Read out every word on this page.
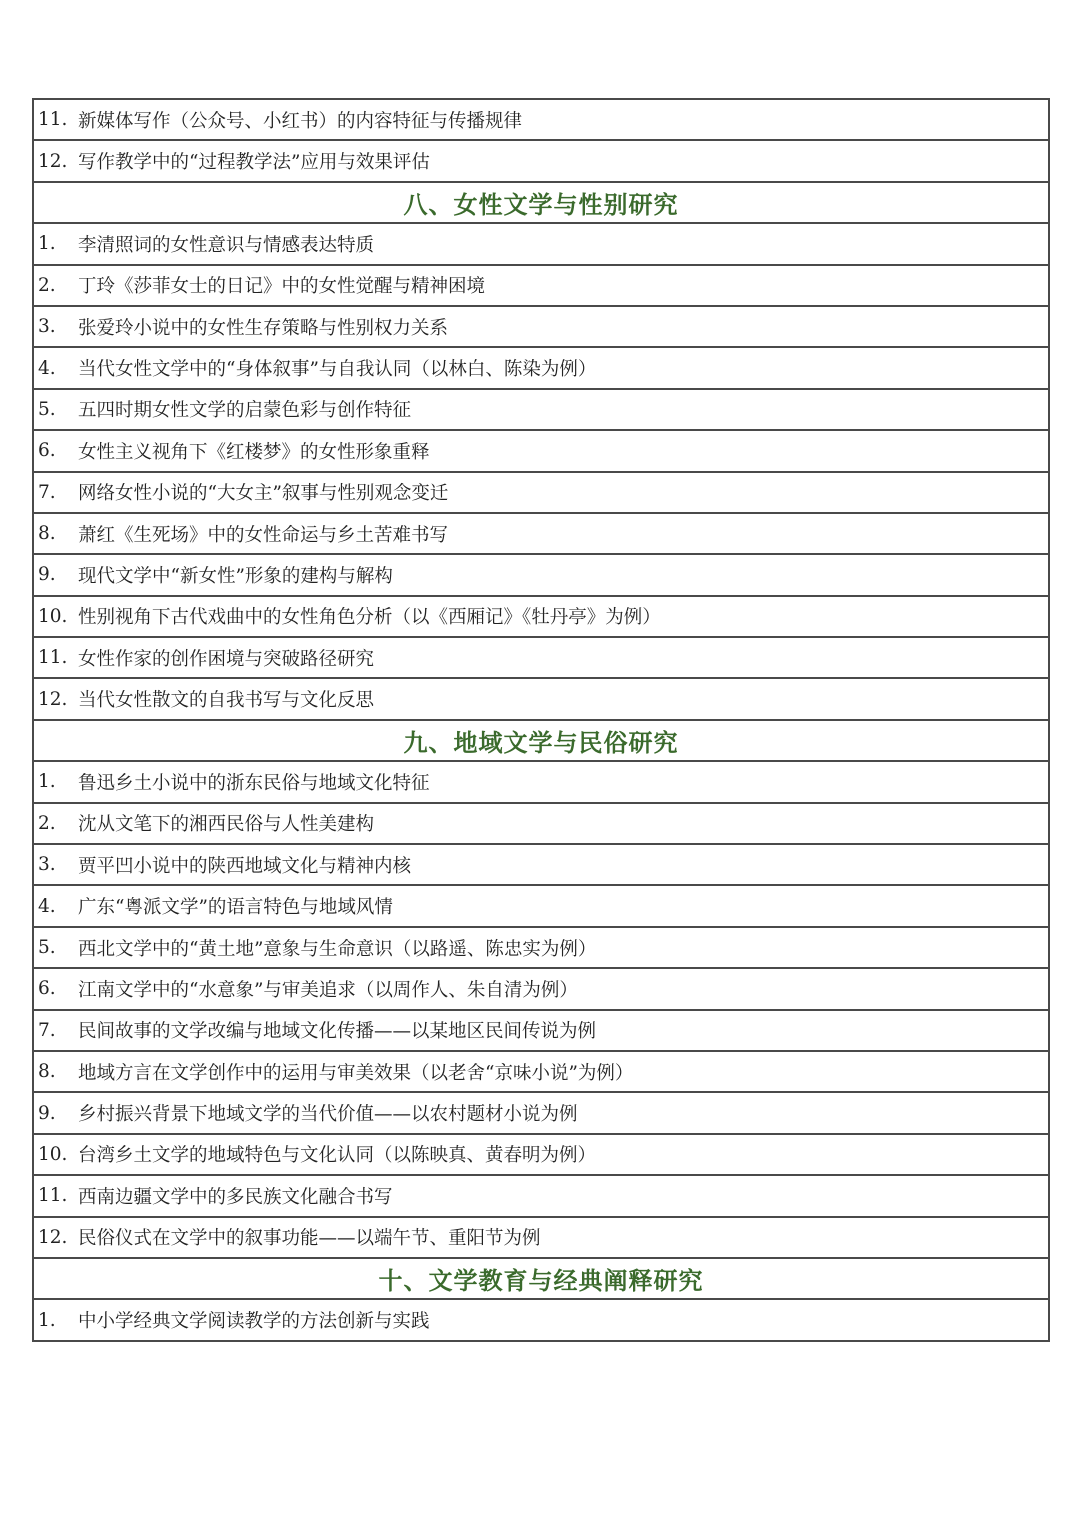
11. 新媒体写作（公众号、小红书）的内容特征与传播规律

12. 写作教学中的“过程教学法”应用与效果评估

八、女性文学与性别研究

1.	李清照词的女性意识与情感表达特质

2.	丁玲《莎菲女士的日记》中的女性觉醒与精神困境

3.	张爱玲小说中的女性生存策略与性别权力关系

4.	当代女性文学中的“身体叙事”与自我认同（以林白、陈染为例）

5.	五四时期女性文学的启蒙色彩与创作特征

6.	女性主义视角下《红楼梦》的女性形象重释

7.	网络女性小说的“大女主”叙事与性别观念变迁

8.	萧红《生死场》中的女性命运与乡土苦难书写

9.	现代文学中“新女性”形象的建构与解构

10. 性别视角下古代戏曲中的女性角色分析（以《西厢记》《牡丹亭》为例）

11. 女性作家的创作困境与突破路径研究

12. 当代女性散文的自我书写与文化反思

九、地域文学与民俗研究

1.	鲁迅乡土小说中的浙东民俗与地域文化特征

2.	沈从文笔下的湘西民俗与人性美建构

3.	贾平凹小说中的陕西地域文化与精神内核

4.	广东“粤派文学”的语言特色与地域风情

5.	西北文学中的“黄土地”意象与生命意识（以路遥、陈忠实为例）

6.	江南文学中的“水意象”与审美追求（以周作人、朱自清为例）

7.	民间故事的文学改编与地域文化传播——以某地区民间传说为例

8.	地域方言在文学创作中的运用与审美效果（以老舍“京味小说”为例）

9.	乡村振兴背景下地域文学的当代价值——以农村题材小说为例

10. 台湾乡土文学的地域特色与文化认同（以陈映真、黄春明为例）

11. 西南边疆文学中的多民族文化融合书写

12. 民俗仪式在文学中的叙事功能——以端午节、重阳节为例

十、文学教育与经典阐释研究

1.	中小学经典文学阅读教学的方法创新与实践
